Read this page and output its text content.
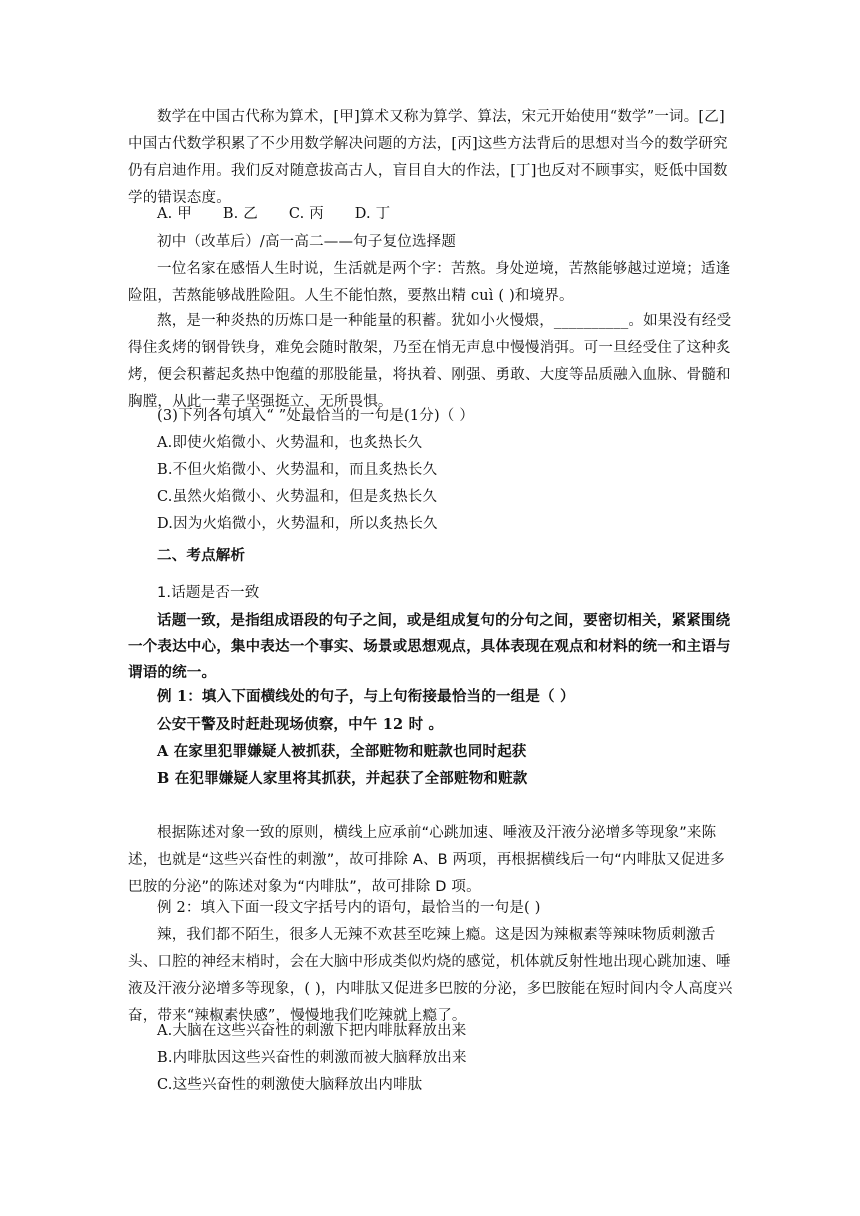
数学在中国古代称为算术，[甲]算术又称为算学、算法，宋元开始使用“数学”一词。[乙]中国古代数学积累了不少用数学解决问题的方法，[丙]这些方法背后的思想对当今的数学研究仍有启迪作用。我们反对随意拔高古人，盲目自大的作法，[丁]也反对不顾事实，贬低中国数学的错误态度。

A. 甲 B. 乙 C. 丙 D. 丁

初中（改革后）/高一高二——句子复位选择题

一位名家在感悟人生时说，生活就是两个字：苦熬。身处逆境，苦熬能够越过逆境；适逢险阻，苦熬能够战胜险阻。人生不能怕熬，要熬出精 cuì ( )和境界。

熬，是一种炎热的历炼口是一种能量的积蓄。犹如小火慢煨，__________。如果没有经受得住炙烤的钢骨铁身，难免会随时散架，乃至在悄无声息中慢慢消弭。可一旦经受住了这种炙烤，便会积蓄起炙热中饱蕴的那股能量，将执着、刚强、勇敢、大度等品质融入血脉、骨髓和胸膛，从此一辈子坚强挺立、无所畏惧。

(3)下列各句填入“ ”处最恰当的一句是(1分)（ ）

A.即使火焰微小、火势温和，也炙热长久

B.不但火焰微小、火势温和，而且炙热长久

C.虽然火焰微小、火势温和，但是炙热长久

D.因为火焰微小，火势温和，所以炙热长久

二、考点解析

1.话题是否一致

话题一致，是指组成语段的句子之间，或是组成复句的分句之间，要密切相关，紧紧围绕一个表达中心，集中表达一个事实、场景或思想观点，具体表现在观点和材料的统一和主语与谓语的统一。

例 1：填入下面横线处的句子，与上句衔接最恰当的一组是（ ）

公安干警及时赶赴现场侦察，中午 12 时 。

A 在家里犯罪嫌疑人被抓获，全部赃物和赃款也同时起获

B 在犯罪嫌疑人家里将其抓获，并起获了全部赃物和赃款

根据陈述对象一致的原则，横线上应承前“心跳加速、唾液及汗液分泌增多等现象”来陈述，也就是“这些兴奋性的刺激”，故可排除 A、B 两项，再根据横线后一句“内啡肽又促进多巴胺的分泌”的陈述对象为“内啡肽”，故可排除 D 项。

例 2：填入下面一段文字括号内的语句，最恰当的一句是( )

辣，我们都不陌生，很多人无辣不欢甚至吃辣上瘾。这是因为辣椒素等辣味物质刺激舌头、口腔的神经末梢时，会在大脑中形成类似灼烧的感觉，机体就反射性地出现心跳加速、唾液及汗液分泌增多等现象，( )，内啡肽又促进多巴胺的分泌，多巴胺能在短时间内令人高度兴奋，带来“辣椒素快感”，慢慢地我们吃辣就上瘾了。

A.大脑在这些兴奋性的刺激下把内啡肽释放出来

B.内啡肽因这些兴奋性的刺激而被大脑释放出来

C.这些兴奋性的刺激使大脑释放出内啡肽
